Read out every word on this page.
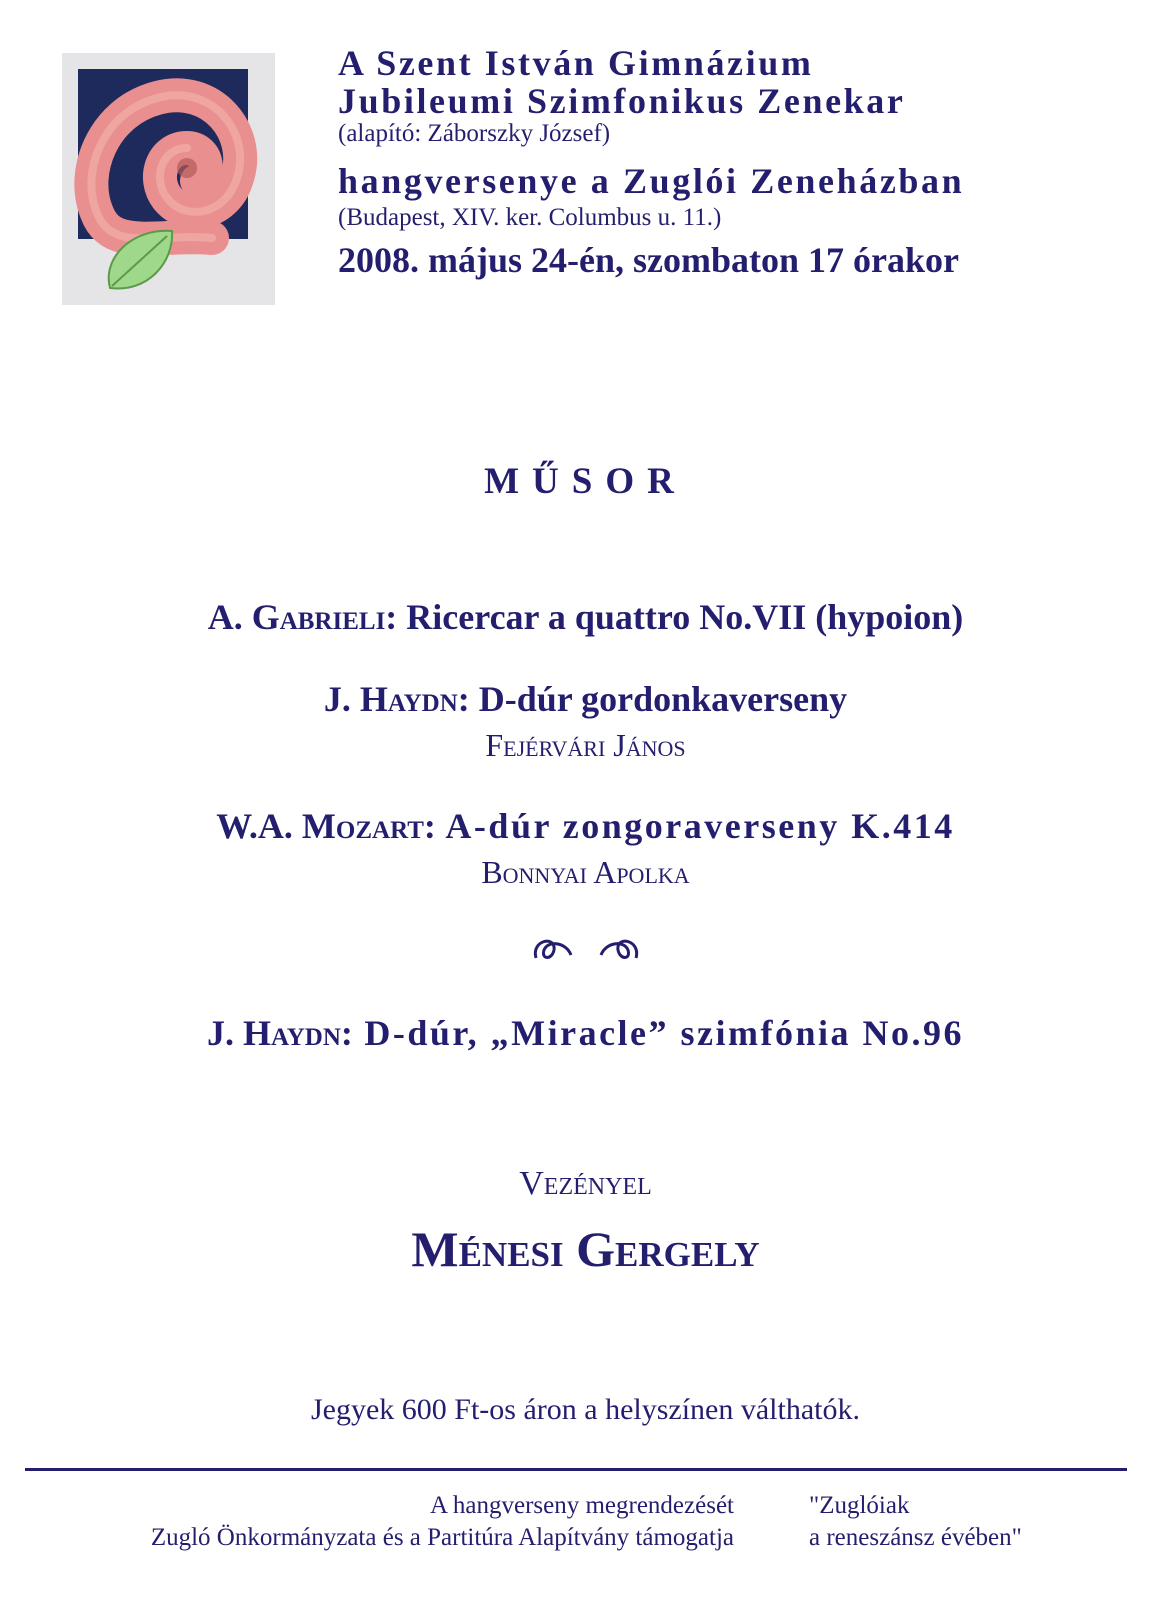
A Szent István Gimnázium
Jubileumi Szimfonikus Zenekar
(alapító: Záborszky József)
hangversenye a Zuglói Zeneházban
(Budapest, XIV. ker. Columbus u. 11.)
2008. május 24-én, szombaton 17 órakor
MŰSOR
A. Gabrieli: Ricercar a quattro No.VII (hypoion)
J. Haydn: D-dúr gordonkaverseny
Fejérvári János
W.A. Mozart: A-dúr zongoraverseny K.414
Bonnyai Apolka
J. Haydn: D-dúr, „Miracle” szimfónia No.96
Vezényel
Ménesi Gergely
Jegyek 600 Ft-os áron a helyszínen válthatók.
A hangverseny megrendezését
Zugló Önkormányzata és a Partitúra Alapítvány támogatja
"Zuglóiak
a reneszánsz évében"
